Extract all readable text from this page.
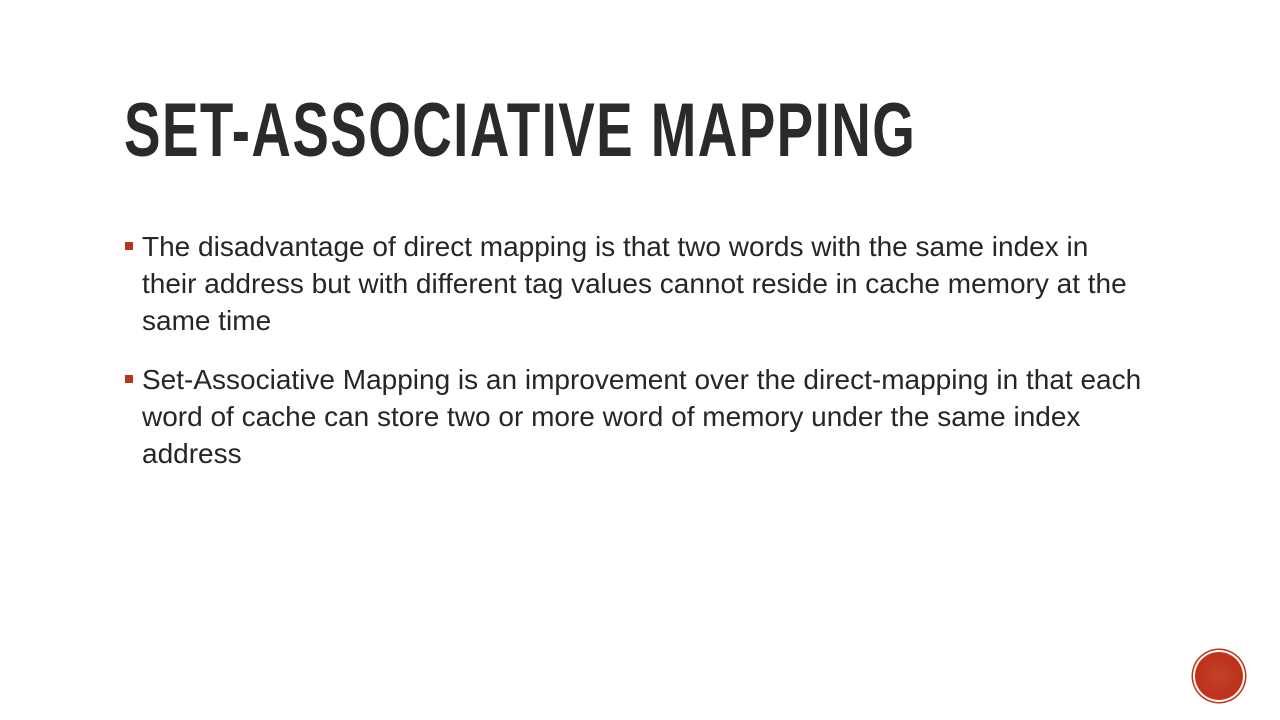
SET-ASSOCIATIVE MAPPING
The disadvantage of direct mapping is that two words with the same index in their address but with different tag values cannot reside in cache memory at the same time
Set-Associative Mapping is an improvement over the direct-mapping in that each word of cache can store two or more word of memory under the same index address
